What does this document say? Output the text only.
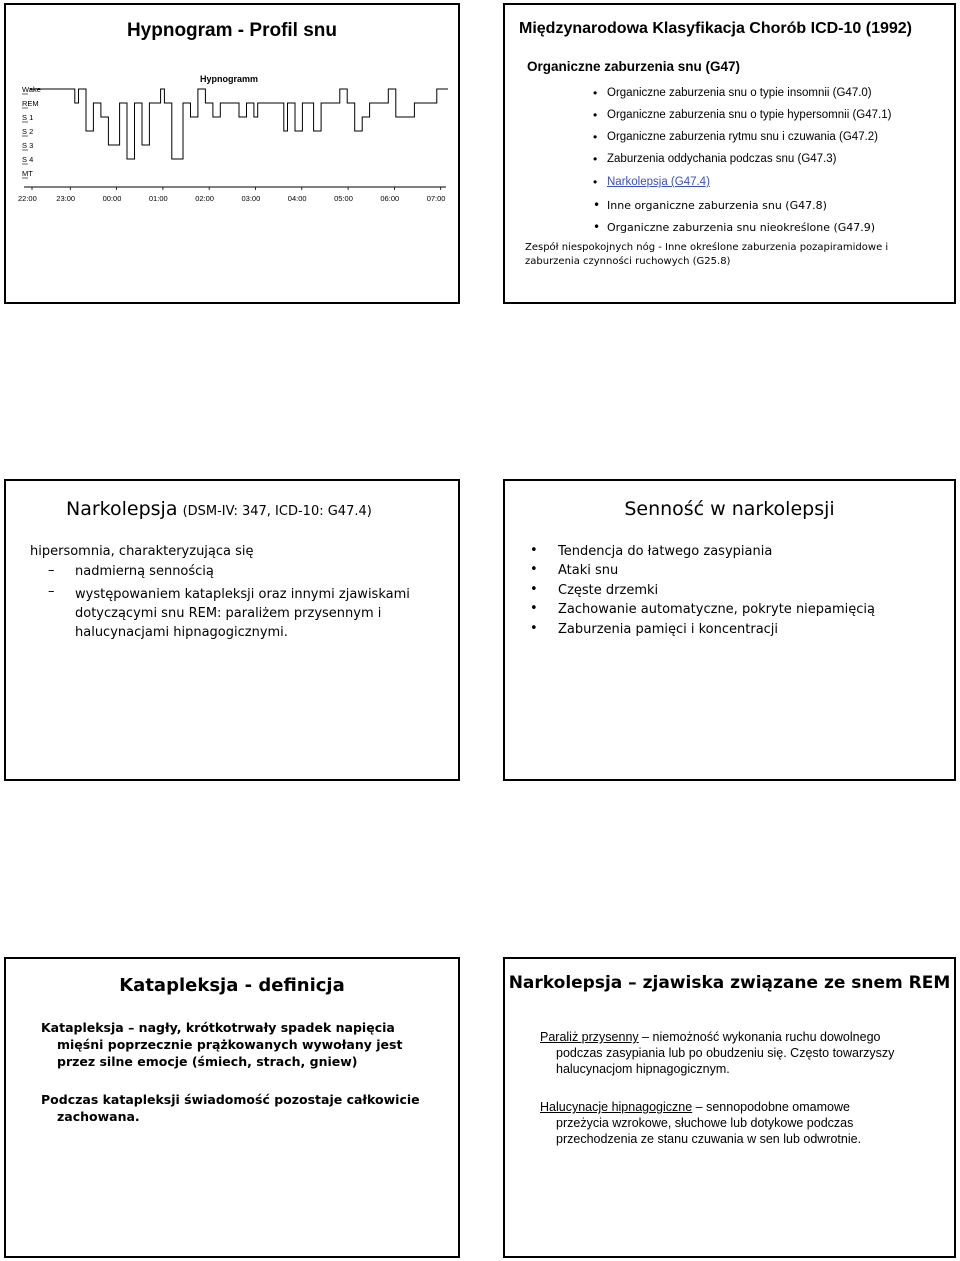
Hypnogram - Profil snu
Hypnogramm
Wake
REM
S 1
S 2
S 3
S 4
MT
22:00	23:00	00:00	01:00	02:00	03:00	04:00	05:00	06:00	07:00
Międzynarodowa Klasyfikacja Chorób ICD-10 (1992)
Organiczne zaburzenia snu (G47)
• Organiczne zaburzenia snu o typie insomnii (G47.0)
• Organiczne zaburzenia snu o typie hypersomnii (G47.1)
• Organiczne zaburzenia rytmu snu i czuwania (G47.2)
• Zaburzenia oddychania podczas snu (G47.3)
• Narkolepsja (G47.4)
• Inne organiczne zaburzenia snu (G47.8)
• Organiczne zaburzenia snu nieokreślone (G47.9)
Zespół niespokojnych nóg - Inne określone zaburzenia pozapiramidowe i
zaburzenia czynności ruchowych (G25.8)
Narkolepsja (DSM-IV: 347, ICD-10: G47.4)
hipersomnia, charakteryzująca się
– nadmierną sennością
– występowaniem katapleksji oraz innymi zjawiskami
dotyczącymi snu REM: paraliżem przysennym i
halucynacjami hipnagogicznymi.
Senność w narkolepsji
• Tendencja do łatwego zasypiania
• Ataki snu
• Częste drzemki
• Zachowanie automatyczne, pokryte niepamięcią
• Zaburzenia pamięci i koncentracji
Katapleksja - definicja
Katapleksja – nagły, krótkotrwały spadek napięcia
mięśni poprzecznie prążkowanych wywołany jest
przez silne emocje (śmiech, strach, gniew)
Podczas katapleksji świadomość pozostaje całkowicie
zachowana.
Narkolepsja – zjawiska związane ze snem REM
Paraliż przysenny – niemożność wykonania ruchu dowolnego
podczas zasypiania lub po obudzeniu się. Często towarzyszy
halucynacjom hipnagogicznym.
Halucynacje hipnagogiczne – sennopodobne omamowe
przeżycia wzrokowe, słuchowe lub dotykowe podczas
przechodzenia ze stanu czuwania w sen lub odwrotnie.
